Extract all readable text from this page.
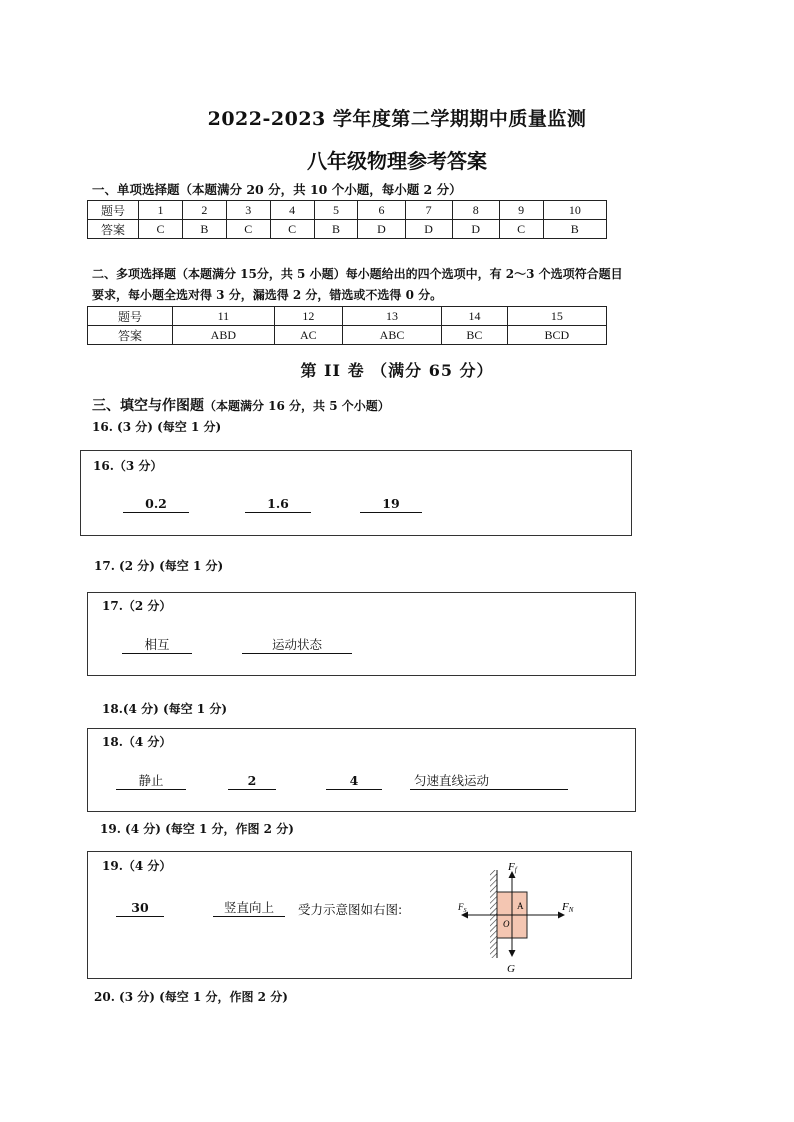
2022-2023 学年度第二学期期中质量监测
八年级物理参考答案
一、单项选择题（本题满分 20 分，共 10 个小题，每小题 2 分）
题号	1	2	3	4	5	6	7	8	9	10
答案	C	B	C	C	B	D	D	D	C	B
二、多项选择题（本题满分 15分，共 5 小题）每小题给出的四个选项中，有 2～3 个选项符合题目
要求，每小题全选对得 3 分，漏选得 2 分，错选或不选得 0 分。
题号	11	12	13	14	15
答案	ABD	AC	ABC	BC	BCD
第 II 卷 （满分 65 分）
三、填空与作图题（本题满分 16 分，共 5 个小题）
16. (3 分) (每空 1 分)
16.（3 分）
0.2	1.6	19
17. (2 分) (每空 1 分)
17.（2 分）
相互	运动状态
18.(4 分) (每空 1 分)
18.（4 分）
静止	2	4	匀速直线运动
19. (4 分) (每空 1 分，作图 2 分)
19.（4 分）
30	竖直向上	受力示意图如右图:	A
O
Ff
FN
$F_S$
G
20. (3 分) (每空 1 分，作图 2 分)
